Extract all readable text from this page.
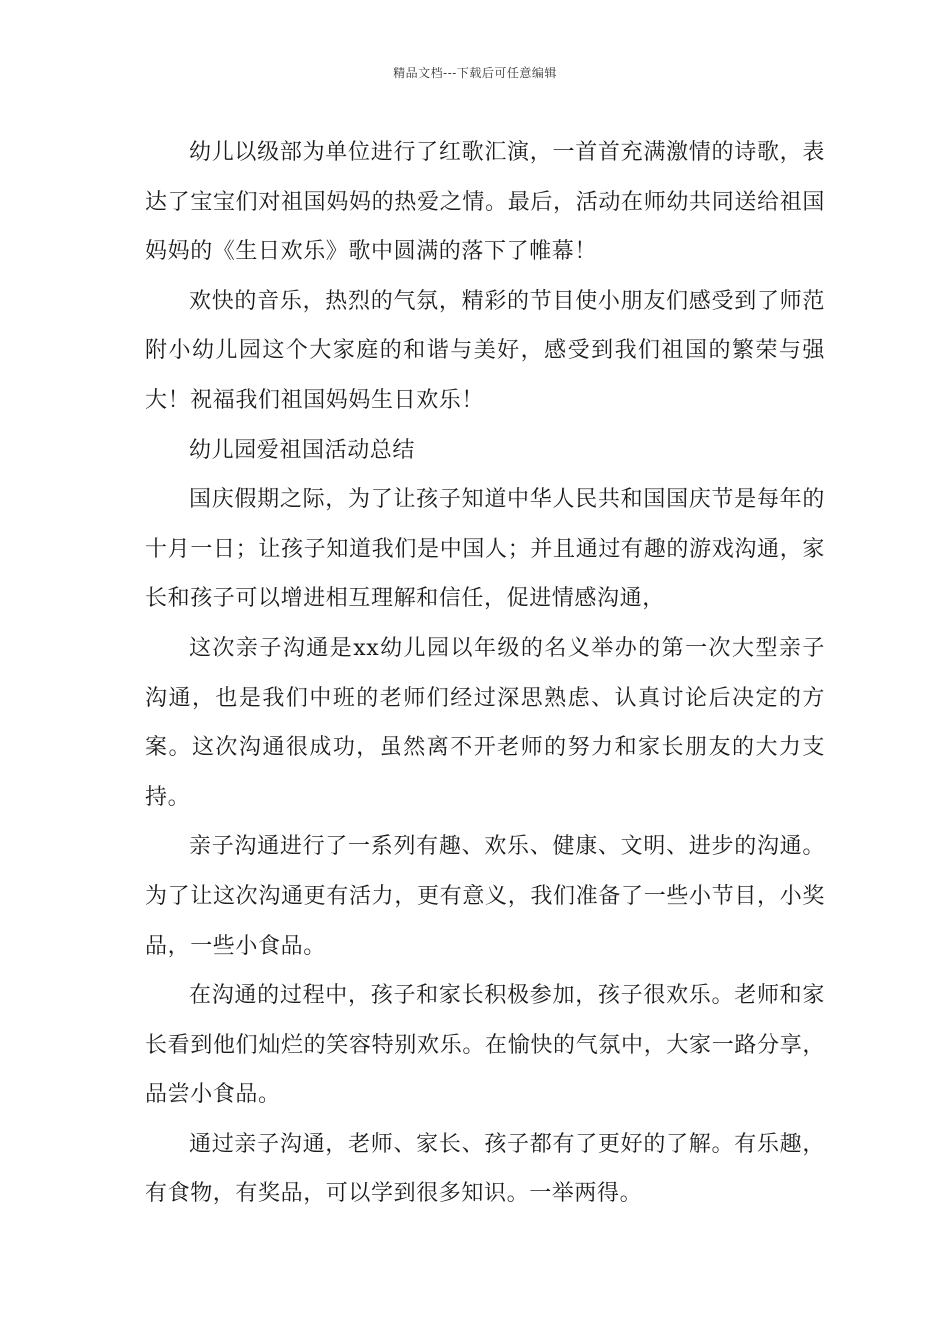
精品文档---下载后可任意编辑

幼儿以级部为单位进行了红歌汇演，一首首充满激情的诗歌，表达了宝宝们对祖国妈妈的热爱之情。最后，活动在师幼共同送给祖国妈妈的《生日欢乐》歌中圆满的落下了帷幕！

欢快的音乐，热烈的气氛，精彩的节目使小朋友们感受到了师范附小幼儿园这个大家庭的和谐与美好，感受到我们祖国的繁荣与强大！祝福我们祖国妈妈生日欢乐！

幼儿园爱祖国活动总结

国庆假期之际，为了让孩子知道中华人民共和国国庆节是每年的十月一日；让孩子知道我们是中国人；并且通过有趣的游戏沟通，家长和孩子可以增进相互理解和信任，促进情感沟通，

这次亲子沟通是xx幼儿园以年级的名义举办的第一次大型亲子沟通，也是我们中班的老师们经过深思熟虑、认真讨论后决定的方案。这次沟通很成功，虽然离不开老师的努力和家长朋友的大力支持。

亲子沟通进行了一系列有趣、欢乐、健康、文明、进步的沟通。为了让这次沟通更有活力，更有意义，我们准备了一些小节目，小奖品，一些小食品。

在沟通的过程中，孩子和家长积极参加，孩子很欢乐。老师和家长看到他们灿烂的笑容特别欢乐。在愉快的气氛中，大家一路分享，品尝小食品。

通过亲子沟通，老师、家长、孩子都有了更好的了解。有乐趣，有食物，有奖品，可以学到很多知识。一举两得。
